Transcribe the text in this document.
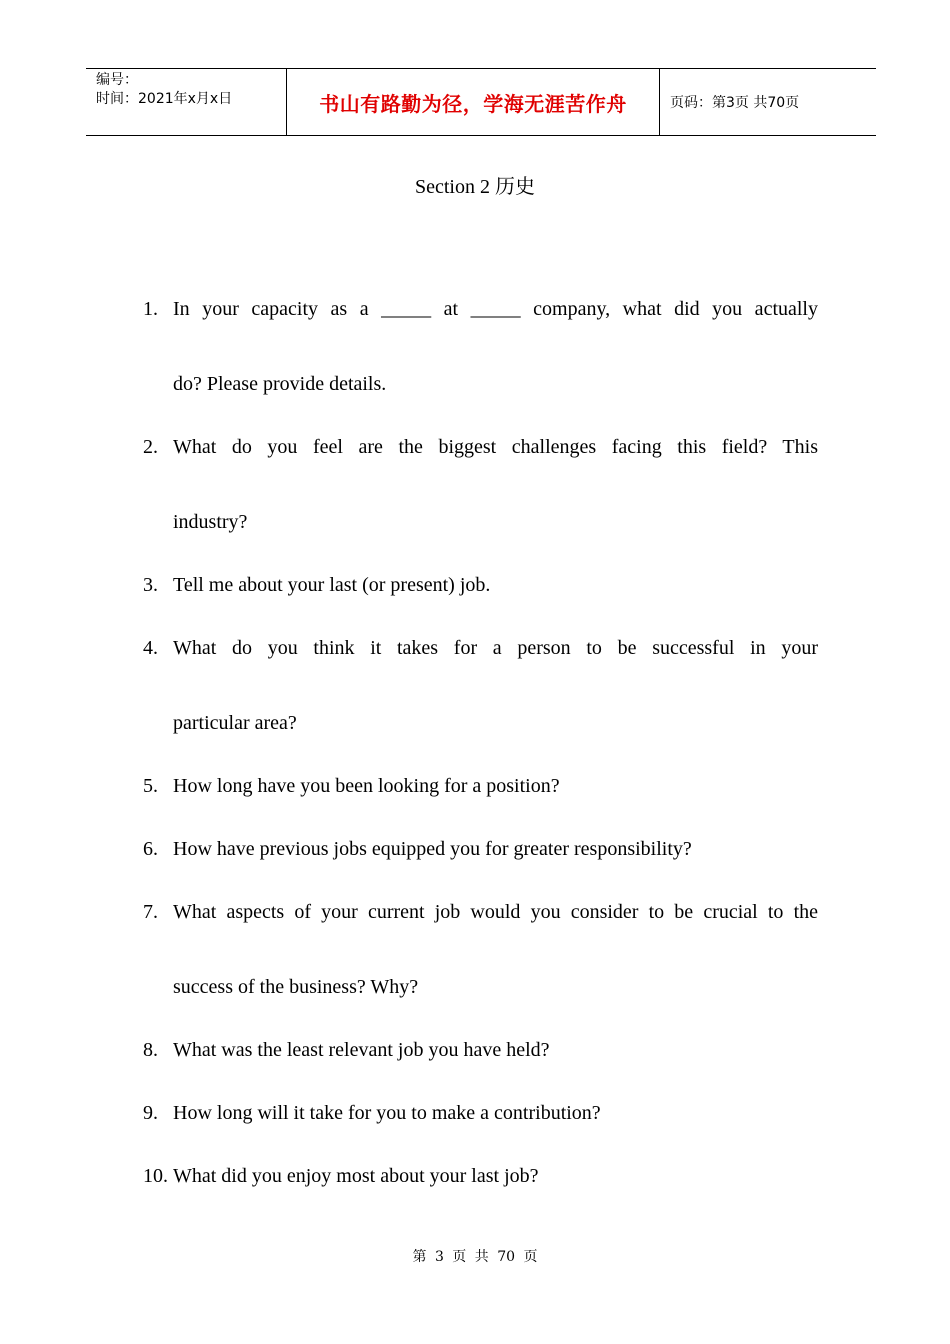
编号：
时间：2021年x月x日	书山有路勤为径，学海无涯苦作舟	页码：第3页 共70页
Section 2 历史
1. In your capacity as a _____ at _____ company, what did you actually
do? Please provide details.
2. What do you feel are the biggest challenges facing this field? This
industry?
3. Tell me about your last (or present) job.
4. What do you think it takes for a person to be successful in your
particular area?
5. How long have you been looking for a position?
6. How have previous jobs equipped you for greater responsibility?
7. What aspects of your current job would you consider to be crucial to the
success of the business? Why?
8. What was the least relevant job you have held?
9. How long will it take for you to make a contribution?
10. What did you enjoy most about your last job?
第 3 页 共 70 页
